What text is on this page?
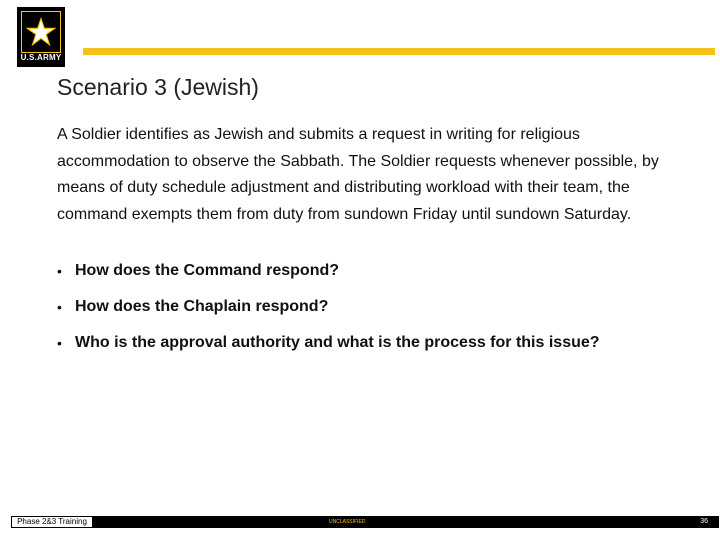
U.S.ARMY
Scenario 3 (Jewish)
A Soldier identifies as Jewish and submits a request in writing for religious accommodation to observe the Sabbath. The Soldier requests whenever possible, by means of duty schedule adjustment and distributing workload with their team, the command exempts them from duty from sundown Friday until sundown Saturday.
• How does the Command respond?
• How does the Chaplain respond?
• Who is the approval authority and what is the process for this issue?
Phase 2&3 Training	UNCLASSIFIED	36
